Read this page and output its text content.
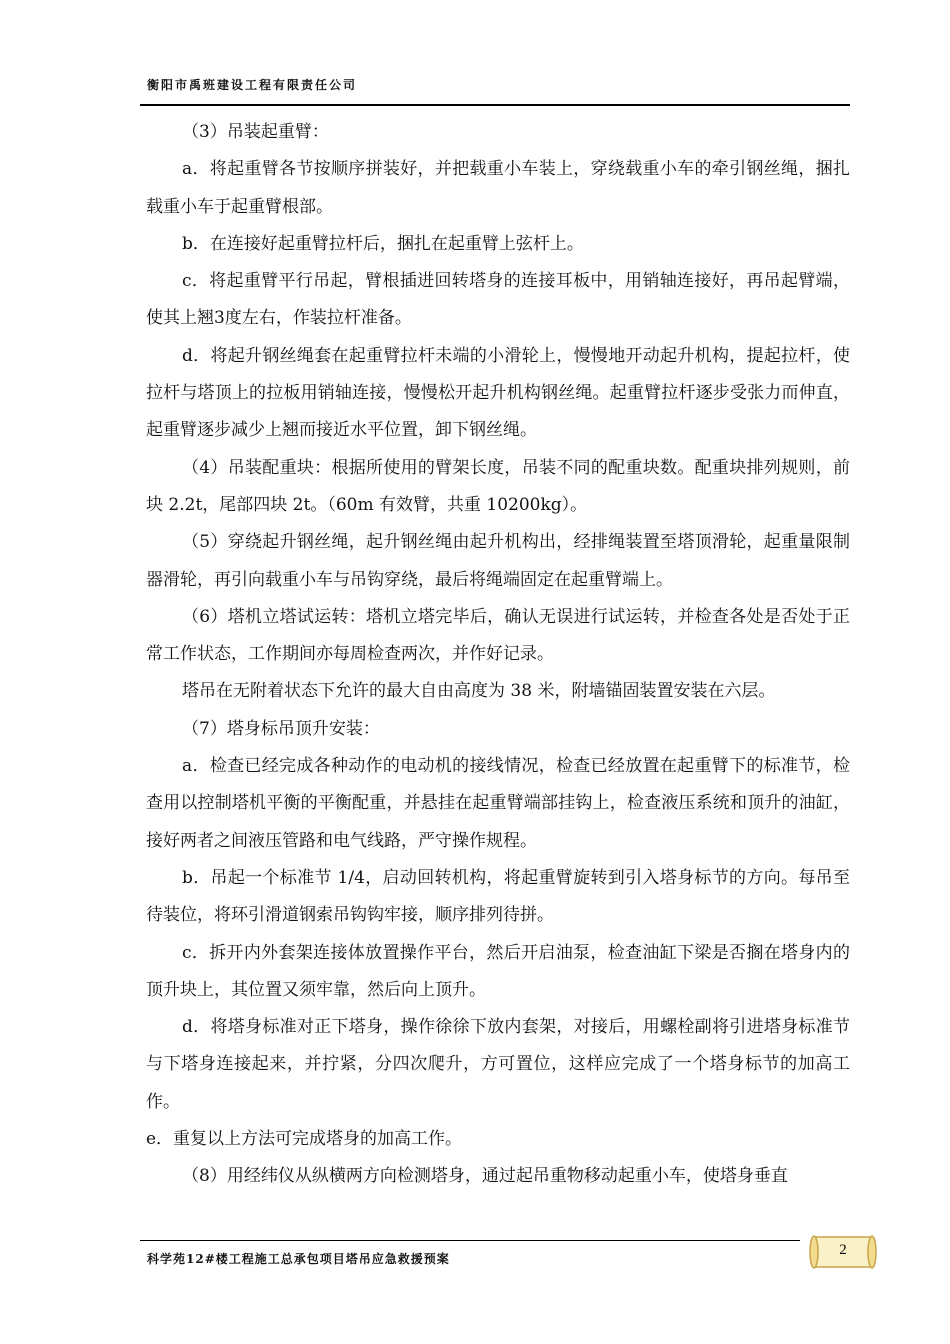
衡阳市禹班建设工程有限责任公司

（3）吊装起重臂：

a．将起重臂各节按顺序拼装好，并把载重小车装上，穿绕载重小车的牵引钢丝绳，捆扎载重小车于起重臂根部。

b．在连接好起重臂拉杆后，捆扎在起重臂上弦杆上。

c．将起重臂平行吊起，臂根插进回转塔身的连接耳板中，用销轴连接好，再吊起臂端，使其上翘3度左右，作装拉杆准备。

d．将起升钢丝绳套在起重臂拉杆未端的小滑轮上，慢慢地开动起升机构，提起拉杆，使拉杆与塔顶上的拉板用销轴连接，慢慢松开起升机构钢丝绳。起重臂拉杆逐步受张力而伸直，起重臂逐步减少上翘而接近水平位置，卸下钢丝绳。

（4）吊装配重块：根据所使用的臂架长度，吊装不同的配重块数。配重块排列规则，前块 2.2t，尾部四块 2t。（60m 有效臂，共重 10200kg）。

（5）穿绕起升钢丝绳，起升钢丝绳由起升机构出，经排绳装置至塔顶滑轮，起重量限制器滑轮，再引向载重小车与吊钩穿绕，最后将绳端固定在起重臂端上。

（6）塔机立塔试运转：塔机立塔完毕后，确认无误进行试运转，并检查各处是否处于正常工作状态，工作期间亦每周检查两次，并作好记录。

塔吊在无附着状态下允许的最大自由高度为 38 米，附墙锚固装置安装在六层。

（7）塔身标吊顶升安装：

a．检查已经完成各种动作的电动机的接线情况，检查已经放置在起重臂下的标准节，检查用以控制塔机平衡的平衡配重，并悬挂在起重臂端部挂钩上，检查液压系统和顶升的油缸，接好两者之间液压管路和电气线路，严守操作规程。

b．吊起一个标准节 1/4，启动回转机构，将起重臂旋转到引入塔身标节的方向。每吊至待装位，将环引滑道钢索吊钩钩牢接，顺序排列待拼。

c．拆开内外套架连接体放置操作平台，然后开启油泵，检查油缸下梁是否搁在塔身内的顶升块上，其位置又须牢靠，然后向上顶升。

d．将塔身标准对正下塔身，操作徐徐下放内套架，对接后，用螺栓副将引进塔身标准节与下塔身连接起来，并拧紧，分四次爬升，方可置位，这样应完成了一个塔身标节的加高工作。

e．重复以上方法可完成塔身的加高工作。

（8）用经纬仪从纵横两方向检测塔身，通过起吊重物移动起重小车，使塔身垂直

科学苑12#楼工程施工总承包项目塔吊应急救援预案
2
